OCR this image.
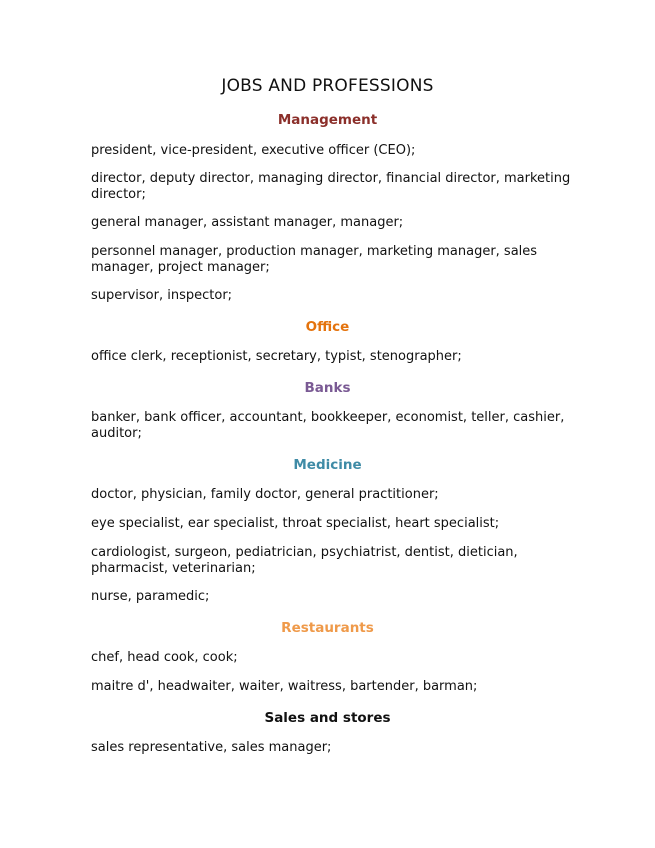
JOBS AND PROFESSIONS
Management
president, vice-president, executive officer (CEO);
director, deputy director, managing director, financial director, marketing director;
general manager, assistant manager, manager;
personnel manager, production manager, marketing manager, sales manager, project manager;
supervisor, inspector;
Office
office clerk, receptionist, secretary, typist, stenographer;
Banks
banker, bank officer, accountant, bookkeeper, economist, teller, cashier, auditor;
Medicine
doctor, physician, family doctor, general practitioner;
eye specialist, ear specialist, throat specialist, heart specialist;
cardiologist, surgeon, pediatrician, psychiatrist, dentist, dietician, pharmacist, veterinarian;
nurse, paramedic;
Restaurants
chef, head cook, cook;
maitre d', headwaiter, waiter, waitress, bartender, barman;
Sales and stores
sales representative, sales manager;
